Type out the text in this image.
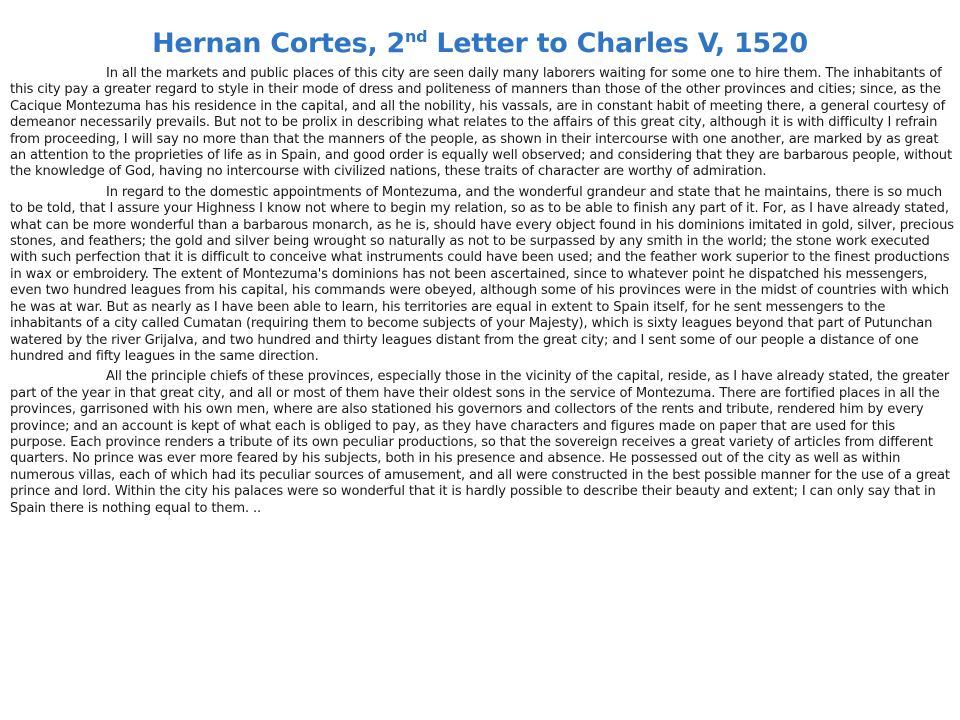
Hernan Cortes, 2nd Letter to Charles V, 1520

In all the markets and public places of this city are seen daily many laborers waiting for some one to hire them. The inhabitants of this city pay a greater regard to style in their mode of dress and politeness of manners than those of the other provinces and cities; since, as the Cacique Montezuma has his residence in the capital, and all the nobility, his vassals, are in constant habit of meeting there, a general courtesy of demeanor necessarily prevails. But not to be prolix in describing what relates to the affairs of this great city, although it is with difficulty I refrain from proceeding, I will say no more than that the manners of the people, as shown in their intercourse with one another, are marked by as great an attention to the proprieties of life as in Spain, and good order is equally well observed; and considering that they are barbarous people, without the knowledge of God, having no intercourse with civilized nations, these traits of character are worthy of admiration.

In regard to the domestic appointments of Montezuma, and the wonderful grandeur and state that he maintains, there is so much to be told, that I assure your Highness I know not where to begin my relation, so as to be able to finish any part of it. For, as I have already stated, what can be more wonderful than a barbarous monarch, as he is, should have every object found in his dominions imitated in gold, silver, precious stones, and feathers; the gold and silver being wrought so naturally as not to be surpassed by any smith in the world; the stone work executed with such perfection that it is difficult to conceive what instruments could have been used; and the feather work superior to the finest productions in wax or embroidery. The extent of Montezuma's dominions has not been ascertained, since to whatever point he dispatched his messengers, even two hundred leagues from his capital, his commands were obeyed, although some of his provinces were in the midst of countries with which he was at war. But as nearly as I have been able to learn, his territories are equal in extent to Spain itself, for he sent messengers to the inhabitants of a city called Cumatan (requiring them to become subjects of your Majesty), which is sixty leagues beyond that part of Putunchan watered by the river Grijalva, and two hundred and thirty leagues distant from the great city; and I sent some of our people a distance of one hundred and fifty leagues in the same direction.

All the principle chiefs of these provinces, especially those in the vicinity of the capital, reside, as I have already stated, the greater part of the year in that great city, and all or most of them have their oldest sons in the service of Montezuma. There are fortified places in all the provinces, garrisoned with his own men, where are also stationed his governors and collectors of the rents and tribute, rendered him by every province; and an account is kept of what each is obliged to pay, as they have characters and figures made on paper that are used for this purpose. Each province renders a tribute of its own peculiar productions, so that the sovereign receives a great variety of articles from different quarters. No prince was ever more feared by his subjects, both in his presence and absence. He possessed out of the city as well as within numerous villas, each of which had its peculiar sources of amusement, and all were constructed in the best possible manner for the use of a great prince and lord. Within the city his palaces were so wonderful that it is hardly possible to describe their beauty and extent; I can only say that in Spain there is nothing equal to them. ..
